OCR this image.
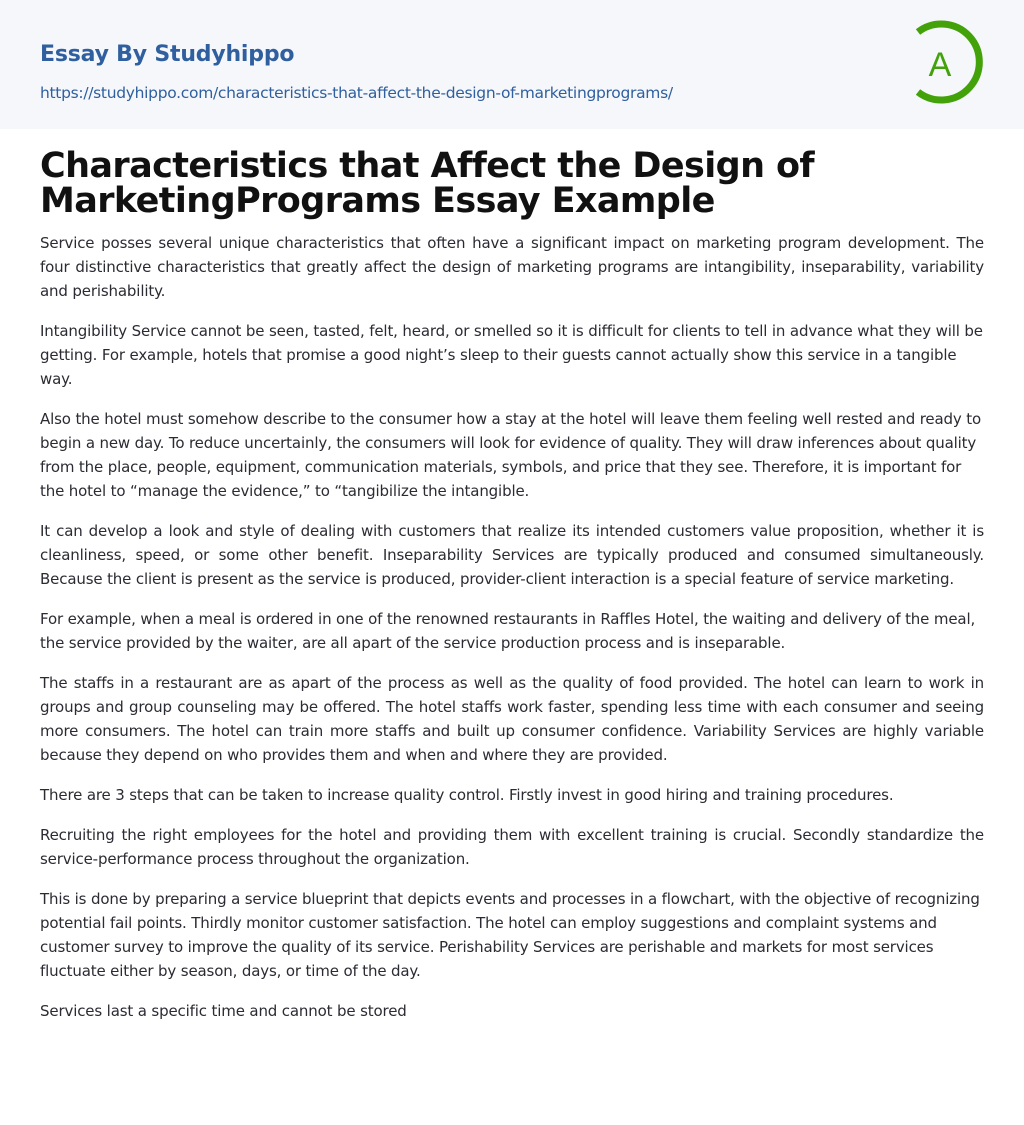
Essay By Studyhippo
https://studyhippo.com/characteristics-that-affect-the-design-of-marketingprograms/
A
Characteristics that Affect the Design of MarketingPrograms Essay Example

Service posses several unique characteristics that often have a significant impact on marketing program development. The four distinctive characteristics that greatly affect the design of marketing programs are intangibility, inseparability, variability and perishability.

Intangibility Service cannot be seen, tasted, felt, heard, or smelled so it is difficult for clients to tell in advance what they will be getting. For example, hotels that promise a good night’s sleep to their guests cannot actually show this service in a tangible way.

Also the hotel must somehow describe to the consumer how a stay at the hotel will leave them feeling well rested and ready to begin a new day. To reduce uncertainly, the consumers will look for evidence of quality. They will draw inferences about quality from the place, people, equipment, communication materials, symbols, and price that they see. Therefore, it is important for the hotel to “manage the evidence,” to “tangibilize the intangible.

It can develop a look and style of dealing with customers that realize its intended customers value proposition, whether it is cleanliness, speed, or some other benefit. Inseparability Services are typically produced and consumed simultaneously. Because the client is present as the service is produced, provider-client interaction is a special feature of service marketing.

For example, when a meal is ordered in one of the renowned restaurants in Raffles Hotel, the waiting and delivery of the meal, the service provided by the waiter, are all apart of the service production process and is inseparable.

The staffs in a restaurant are as apart of the process as well as the quality of food provided. The hotel can learn to work in groups and group counseling may be offered. The hotel staffs work faster, spending less time with each consumer and seeing more consumers. The hotel can train more staffs and built up consumer confidence. Variability Services are highly variable because they depend on who provides them and when and where they are provided.

There are 3 steps that can be taken to increase quality control. Firstly invest in good hiring and training procedures.

Recruiting the right employees for the hotel and providing them with excellent training is crucial. Secondly standardize the service-performance process throughout the organization.

This is done by preparing a service blueprint that depicts events and processes in a flowchart, with the objective of recognizing potential fail points. Thirdly monitor customer satisfaction. The hotel can employ suggestions and complaint systems and customer survey to improve the quality of its service. Perishability Services are perishable and markets for most services fluctuate either by season, days, or time of the day.

Services last a specific time and cannot be stored
